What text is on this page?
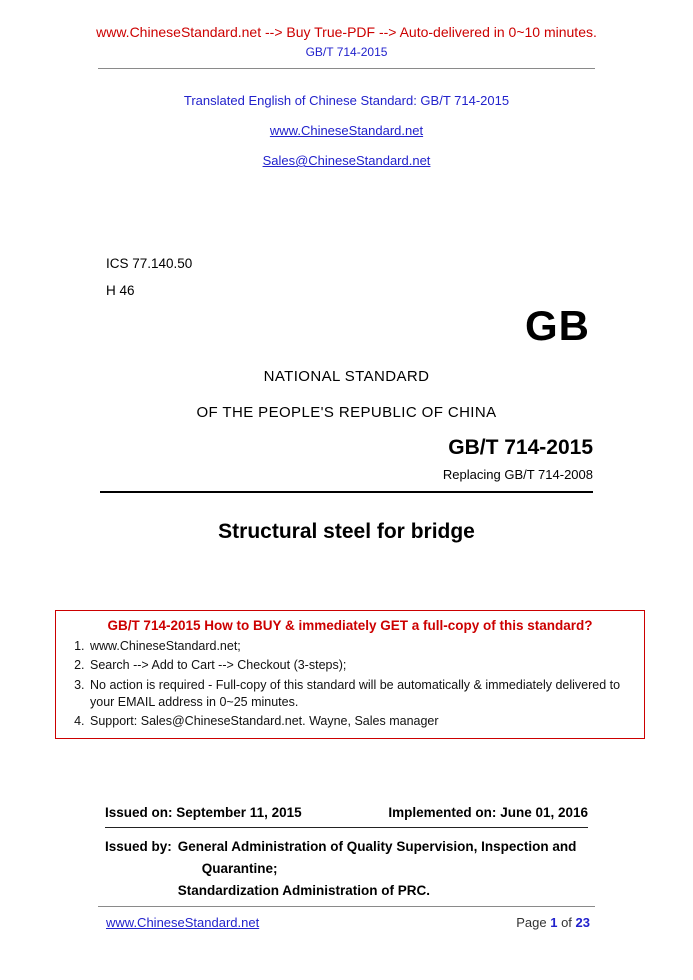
www.ChineseStandard.net --> Buy True-PDF --> Auto-delivered in 0~10 minutes.
GB/T 714-2015
Translated English of Chinese Standard: GB/T 714-2015
www.ChineseStandard.net
Sales@ChineseStandard.net
ICS 77.140.50
H 46
GB
NATIONAL STANDARD
OF THE PEOPLE'S REPUBLIC OF CHINA
GB/T 714-2015
Replacing GB/T 714-2008
Structural steel for bridge
GB/T 714-2015 How to BUY & immediately GET a full-copy of this standard?
1. www.ChineseStandard.net;
2. Search --> Add to Cart --> Checkout (3-steps);
3. No action is required - Full-copy of this standard will be automatically & immediately delivered to your EMAIL address in 0~25 minutes.
4. Support: Sales@ChineseStandard.net. Wayne, Sales manager
Issued on: September 11, 2015	Implemented on: June 01, 2016
Issued by: General Administration of Quality Supervision, Inspection and
Quarantine;
Standardization Administration of PRC.
www.ChineseStandard.net	Page 1 of 23
